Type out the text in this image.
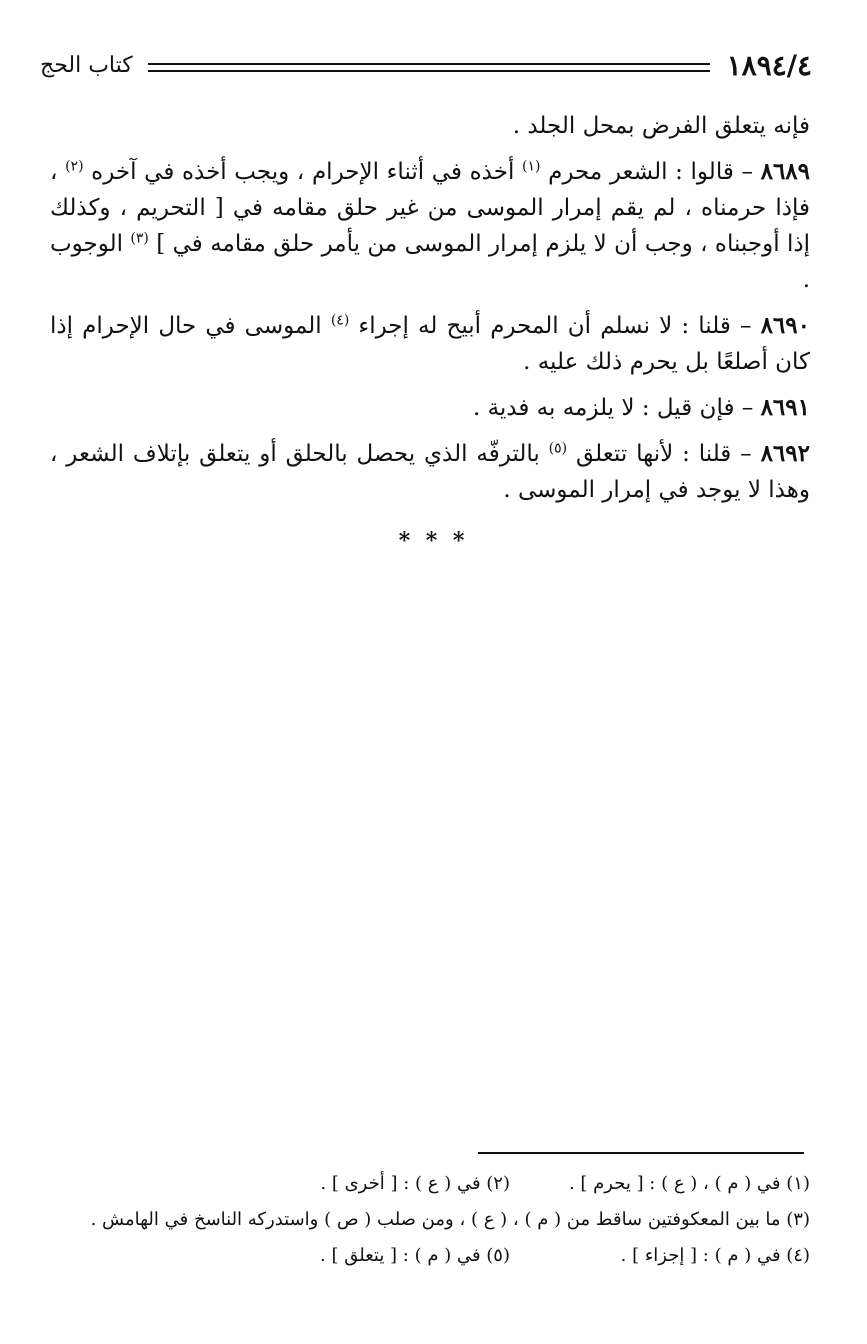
١٨٩٤/٤
كتاب الحج

فإنه يتعلق الفرض بمحل الجلد .

٨٦٨٩ – قالوا : الشعر محرم $^{(١)}$ أخذه في أثناء الإحرام ، ويجب أخذه في آخره $^{(٢)}$ ، فإذا حرمناه ، لم يقم إمرار الموسى من غير حلق مقامه في [ التحريم ، وكذلك إذا أوجبناه ، وجب أن لا يلزم إمرار الموسى من يأمر حلق مقامه في ] $^{(٣)}$ الوجوب .

٨٦٩٠ – قلنا : لا نسلم أن المحرم أبيح له إجراء $^{(٤)}$ الموسى في حال الإحرام إذا كان أصلعًا بل يحرم ذلك عليه .

٨٦٩١ – فإن قيل : لا يلزمه به فدية .

٨٦٩٢ – قلنا : لأنها تتعلق $^{(٥)}$ بالترفّه الذي يحصل بالحلق أو يتعلق بإتلاف الشعر ، وهذا لا يوجد في إمرار الموسى .

* * *
(١) في ( م ) ، ( ع ) : [ يحرم ] .
(٢) في ( ع ) : [ أخرى ] .
(٣) ما بين المعكوفتين ساقط من ( م ) ، ( ع ) ، ومن صلب ( ص ) واستدركه الناسخ في الهامش .
(٤) في ( م ) : [ إجزاء ] .
(٥) في ( م ) : [ يتعلق ] .
